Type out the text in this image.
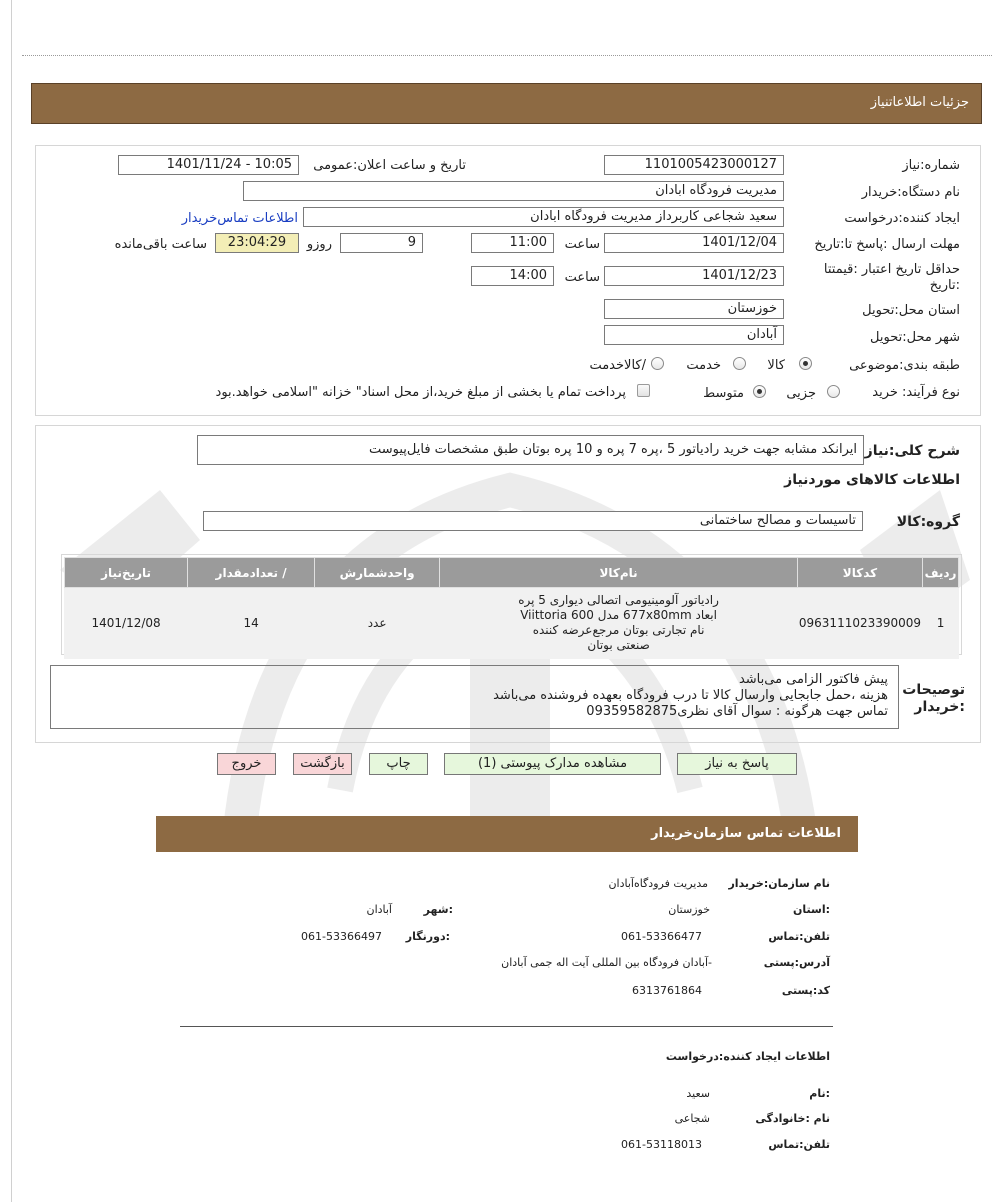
جزئیات اطلاعاتنیاز
شماره:نیاز
1101005423000127
تاریخ و ساعت اعلان:عمومی
1401/11/24 - 10:05
نام دستگاه:خریدار
مدیریت فرودگاه ابادان
ایجاد کننده:درخواست
سعید شجاعی کاربرداز مدیریت فرودگاه ابادان
اطلاعات تماس‌خریدار
مهلت ارسال :پاسخ تا:تاریخ
1401/12/04
ساعت
11:00
9
روزو
23:04:29
ساعت باقی‌مانده
حداقل تاریخ اعتبار :قیمتتا
:تاریخ
1401/12/23
ساعت
14:00
استان محل:تحویل
خوزستان
شهر محل:تحویل
آبادان
طبقه بندی:موضوعی
کالا
خدمت
/کالاخدمت
نوع فرآیند: خرید
جزیی
متوسط
پرداخت تمام یا بخشی از مبلغ خرید،از محل اسناد" خزانه "اسلامی خواهد.بود
شرح کلی:نیاز
ایرانکد مشابه جهت خرید رادیاتور 5 ،پره 7 پره و 10 پره بوتان طبق مشخصات فایل‌پیوست
اطلاعات کالاهای موردنیاز
گروه:کالا
تاسیسات و مصالح ساختمانی
ردیف	کدکالا	نام‌کالا	واحدشمارش	/ تعدادمقدار	تاریخ‌نیاز
1	0963111023390009	رادیاتور آلومینیومی اتصالی دیواری 5 پره
ابعاد 677x80mm مدل Viittoria 600
نام تجارتی بوتان مرجع‌عرضه کننده
صنعتی بوتان	عدد	14	1401/12/08
توصیحات
:خریدار
پیش فاکتور الزامی می‌باشد
هزینه ،حمل جابجایی وارسال کالا تا درب فرودگاه بعهده فروشنده می‌باشد
تماس جهت هرگونه : سوال آقای نظری09359582875
پاسخ به نیاز
مشاهده مدارک پیوستی (1)
چاپ
بازگشت
خروج
اطلاعات تماس سازمان‌خریدار
نام سازمان:خریدار
مدیریت فرودگاه‌آبادان
:استان
خوزستان
:شهر
آبادان
تلفن:تماس
061-53366477
:دورنگار
061-53366497
آدرس:پستی
-آبادان فرودگاه بین المللی آیت اله جمی آبادان
کد:پستی
6313761864
اطلاعات ایجاد کننده:درخواست
:نام
سعید
نام :خانوادگی
شجاعی
تلفن:تماس
061-53118013
